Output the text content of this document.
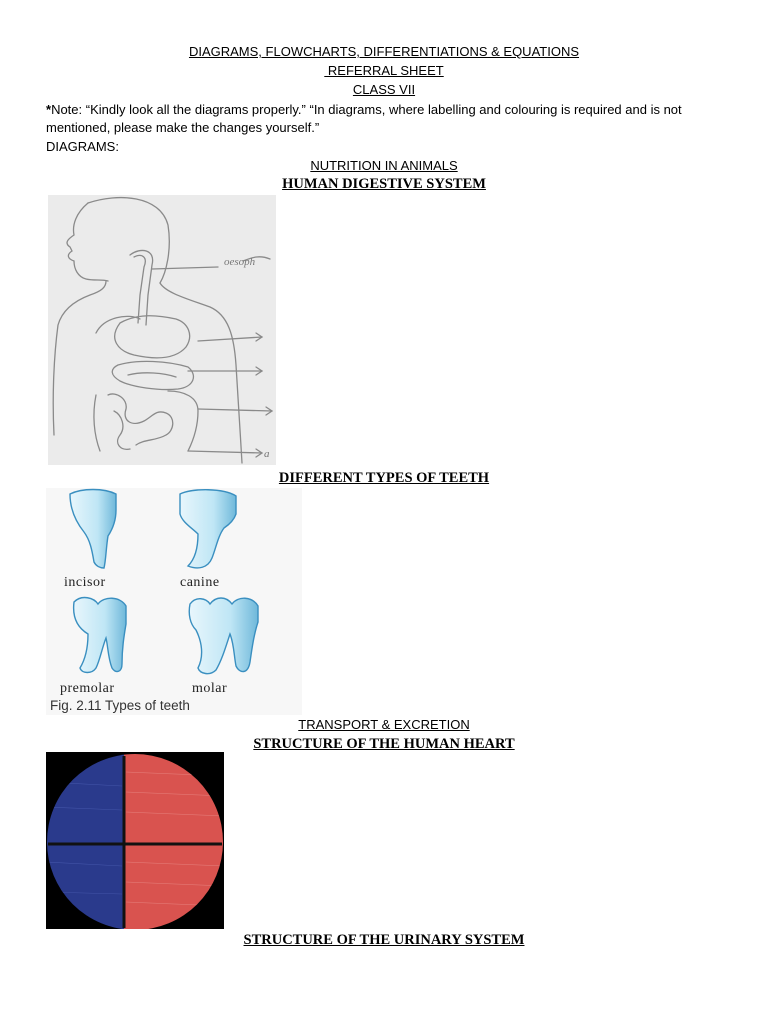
DIAGRAMS, FLOWCHARTS, DIFFERENTIATIONS & EQUATIONS
REFERRAL SHEET
CLASS VII
*Note: “Kindly look all the diagrams properly.” “In diagrams, where labelling and colouring is required and is not mentioned, please make the changes yourself.”
DIAGRAMS:
NUTRITION IN ANIMALS
HUMAN DIGESTIVE SYSTEM
oesoph
a
DIFFERENT TYPES OF TEETH
incisor	canine
premolar	molar
Fig. 2.11 Types of teeth
TRANSPORT & EXCRETION
STRUCTURE OF THE HUMAN HEART
STRUCTURE OF THE URINARY SYSTEM
